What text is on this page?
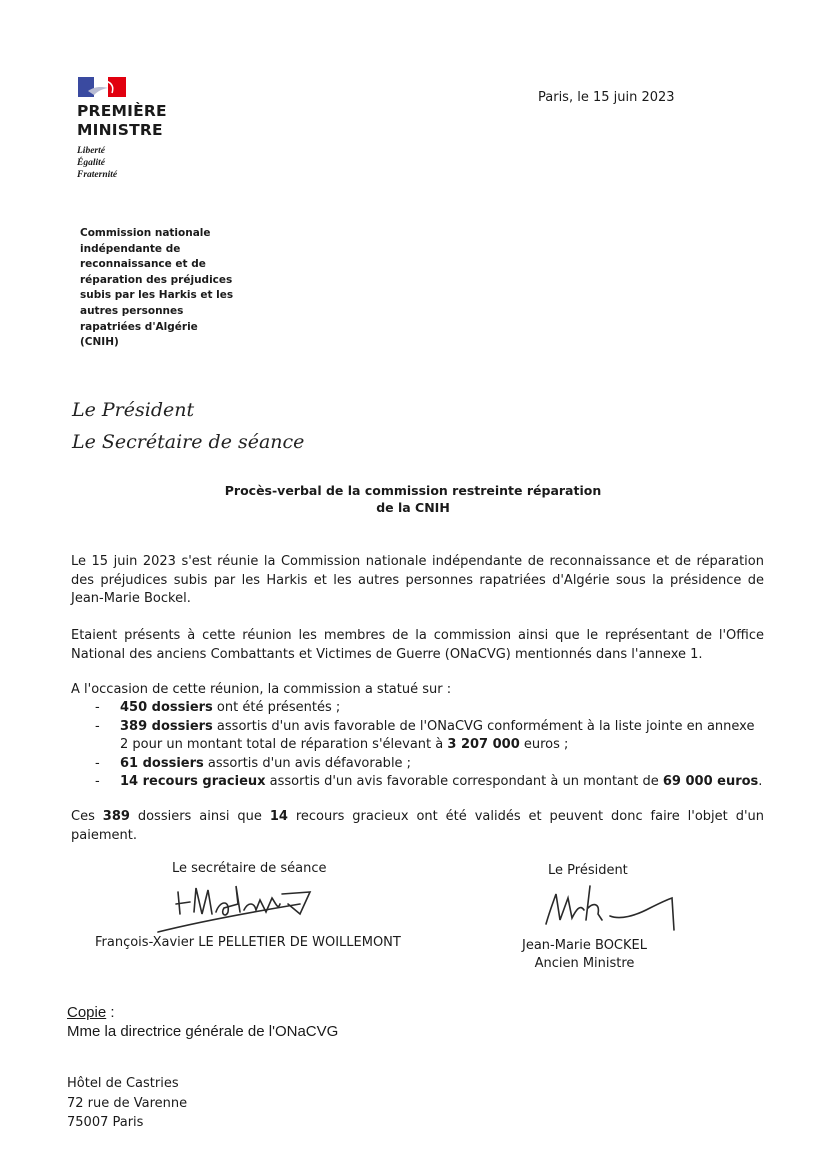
PREMIÈRE
MINISTRE
Liberté
Égalité
Fraternité
Paris, le 15 juin 2023
Commission nationale indépendante de reconnaissance et de réparation des préjudices subis par les Harkis et les autres personnes rapatriées d'Algérie (CNIH)
Le Président
Le Secrétaire de séance
Procès-verbal de la commission restreinte réparation
de la CNIH
Le 15 juin 2023 s'est réunie la Commission nationale indépendante de reconnaissance et de réparation des préjudices subis par les Harkis et les autres personnes rapatriées d'Algérie sous la présidence de Jean-Marie Bockel.
Etaient présents à cette réunion les membres de la commission ainsi que le représentant de l'Office National des anciens Combattants et Victimes de Guerre (ONaCVG) mentionnés dans l'annexe 1.
A l'occasion de cette réunion, la commission a statué sur :
- 450 dossiers ont été présentés ;
- 389 dossiers assortis d'un avis favorable de l'ONaCVG conformément à la liste jointe en annexe 2 pour un montant total de réparation s'élevant à 3 207 000 euros ;
- 61 dossiers assortis d'un avis défavorable ;
- 14 recours gracieux assortis d'un avis favorable correspondant à un montant de 69 000 euros.
Ces 389 dossiers ainsi que 14 recours gracieux ont été validés et peuvent donc faire l'objet d'un paiement.
Le secrétaire de séance
François-Xavier LE PELLETIER DE WOILLEMONT
Le Président
Jean-Marie BOCKEL
Ancien Ministre
Copie :
Mme la directrice générale de l'ONaCVG
Hôtel de Castries
72 rue de Varenne
75007 Paris
